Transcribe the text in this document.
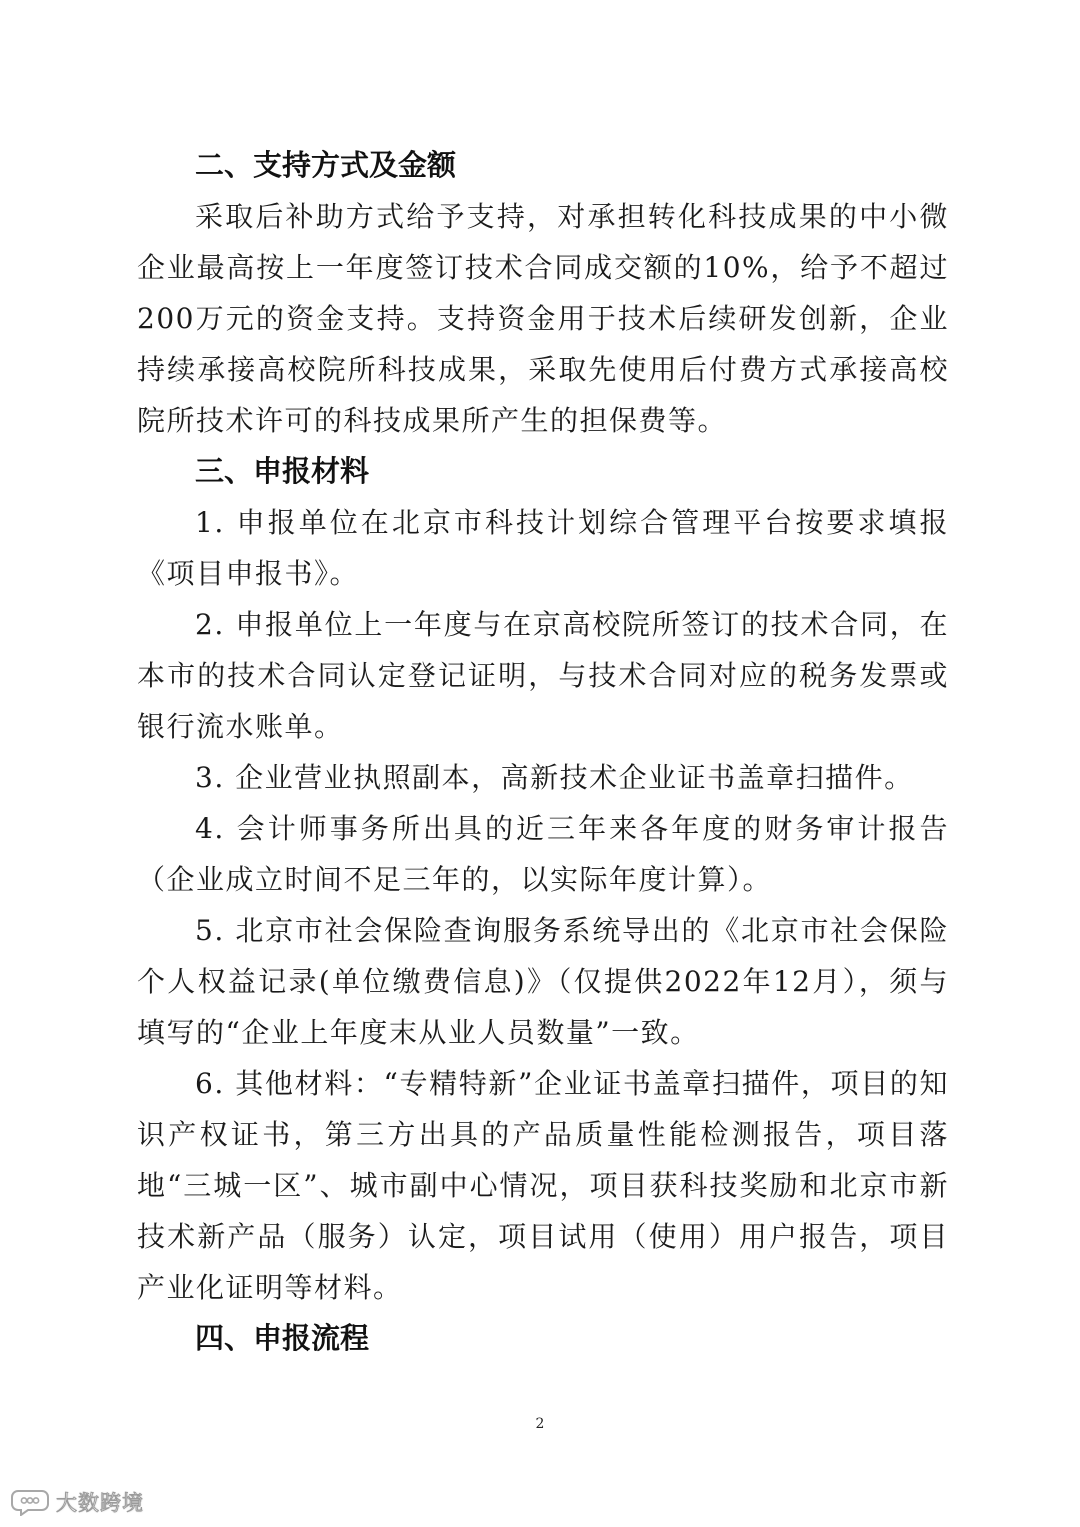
二、支持方式及金额

采取后补助方式给予支持，对承担转化科技成果的中小微企业最高按上一年度签订技术合同成交额的10%，给予不超过200万元的资金支持。支持资金用于技术后续研发创新，企业持续承接高校院所科技成果，采取先使用后付费方式承接高校院所技术许可的科技成果所产生的担保费等。

三、申报材料

1. 申报单位在北京市科技计划综合管理平台按要求填报《项目申报书》。

2. 申报单位上一年度与在京高校院所签订的技术合同，在本市的技术合同认定登记证明，与技术合同对应的税务发票或银行流水账单。

3. 企业营业执照副本，高新技术企业证书盖章扫描件。

4. 会计师事务所出具的近三年来各年度的财务审计报告（企业成立时间不足三年的，以实际年度计算）。

5. 北京市社会保险查询服务系统导出的《北京市社会保险个人权益记录(单位缴费信息)》（仅提供2022年12月），须与填写的“企业上年度末从业人员数量”一致。

6. 其他材料：“专精特新”企业证书盖章扫描件，项目的知识产权证书，第三方出具的产品质量性能检测报告，项目落地“三城一区”、城市副中心情况，项目获科技奖励和北京市新技术新产品（服务）认定，项目试用（使用）用户报告，项目产业化证明等材料。

四、申报流程
2
大数跨境
